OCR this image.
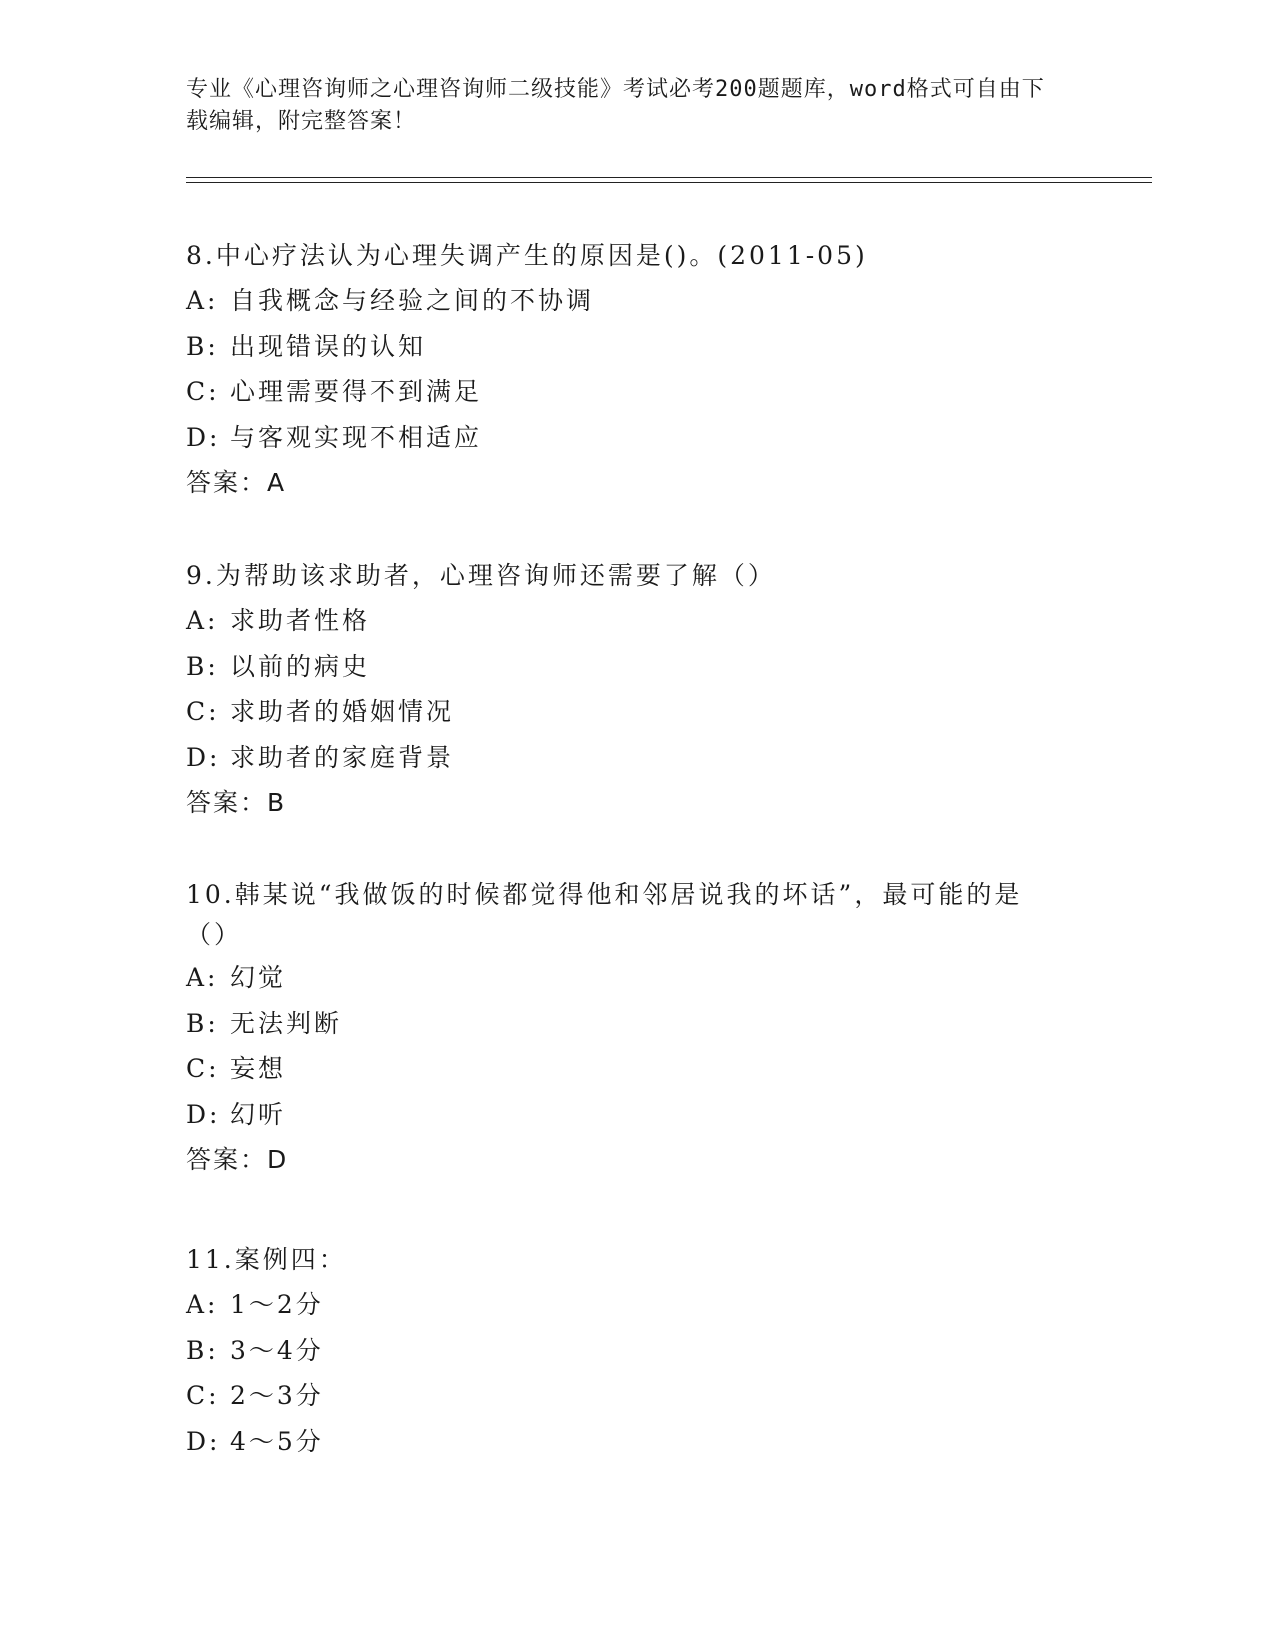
专业《心理咨询师之心理咨询师二级技能》考试必考200题题库，word格式可自由下载编辑，附完整答案！

8.中心疗法认为心理失调产生的原因是()。(2011-05)

A: 自我概念与经验之间的不协调

B: 出现错误的认知

C: 心理需要得不到满足

D: 与客观实现不相适应

答案：A

9.为帮助该求助者，心理咨询师还需要了解（）

A: 求助者性格

B: 以前的病史

C: 求助者的婚姻情况

D: 求助者的家庭背景

答案：B

10.韩某说“我做饭的时候都觉得他和邻居说我的坏话”，最可能的是（）

A: 幻觉

B: 无法判断

C: 妄想

D: 幻听

答案：D

11.案例四：

A: 1～2分

B: 3～4分

C: 2～3分

D: 4～5分
